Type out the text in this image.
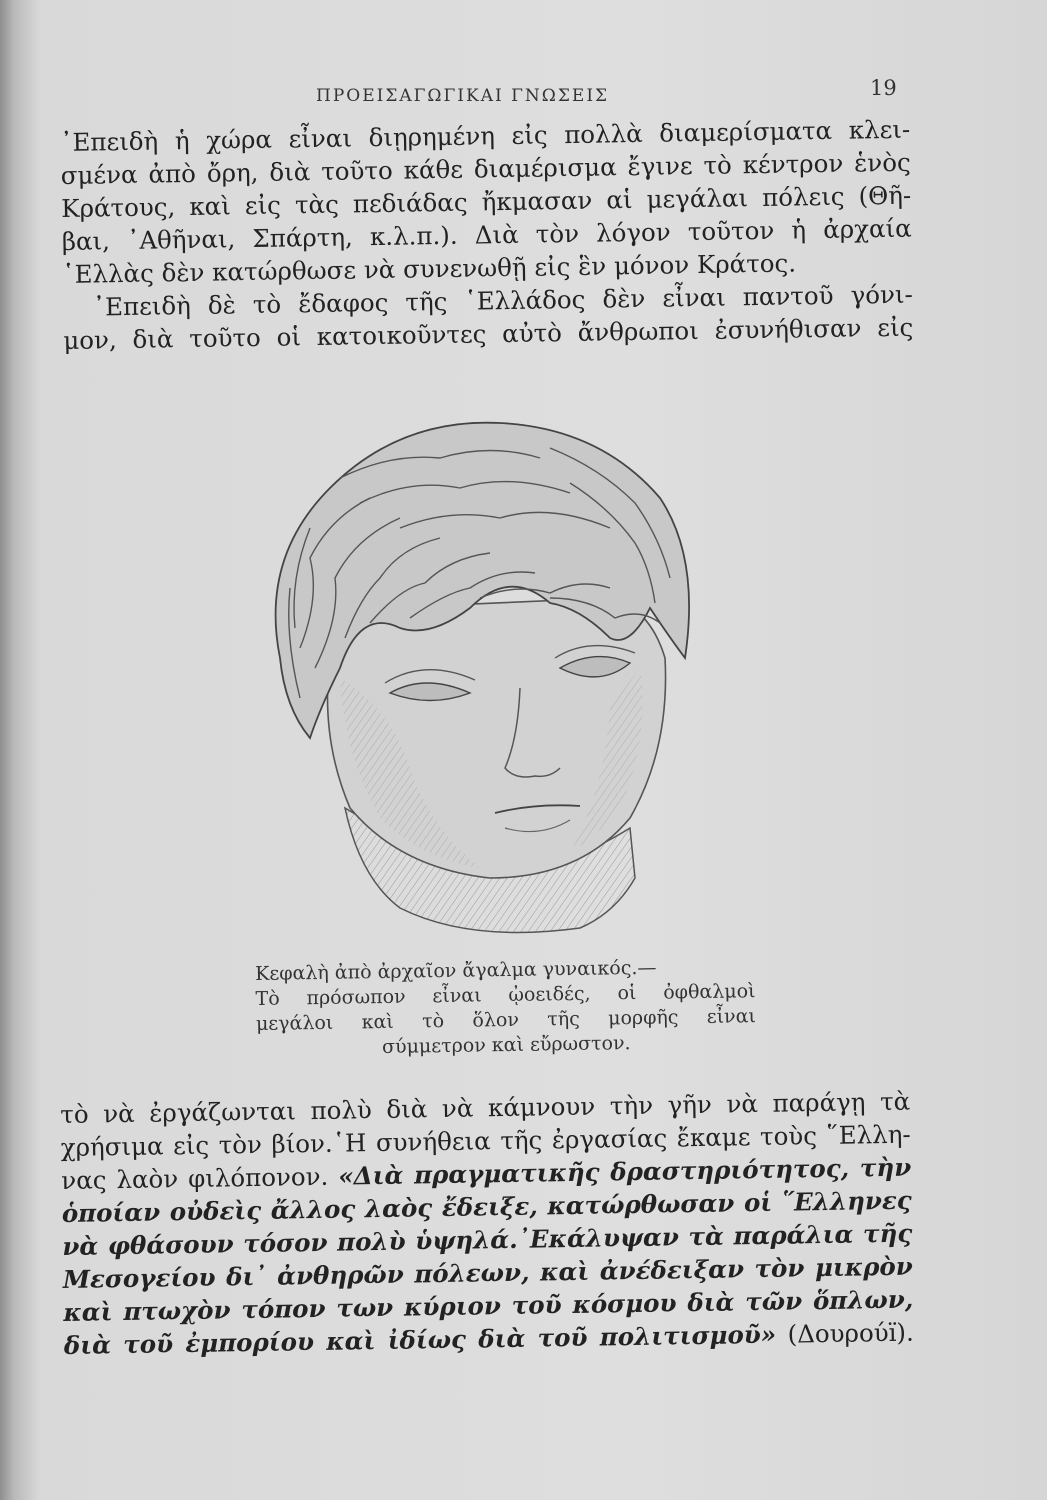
ΠΡΟΕΙΣΑΓΩΓΙΚΑΙ ΓΝΩΣΕΙΣ	19
᾿Επειδὴ ἡ χώρα εἶναι διῃρημένη εἰς πολλὰ διαμερίσματα κλει-
σμένα ἀπὸ ὄρη, διὰ τοῦτο κάθε διαμέρισμα ἔγινε τὸ κέντρον ἑνὸς
Κράτους, καὶ εἰς τὰς πεδιάδας ἤκμασαν αἱ μεγάλαι πόλεις (Θῆ-
βαι, ᾿Αθῆναι, Σπάρτη, κ.λ.π.). Διὰ τὸν λόγον τοῦτον ἡ ἀρχαία
῾Ελλὰς δὲν κατώρθωσε νὰ συνενωθῇ εἰς ἓν μόνον Κράτος.
᾿Επειδὴ δὲ τὸ ἔδαφος τῆς ῾Ελλάδος δὲν εἶναι παντοῦ γόνι-
μον, διὰ τοῦτο οἱ κατοικοῦντες αὐτὸ ἄνθρωποι ἐσυνήθισαν εἰς
Κεφαλὴ ἀπὸ ἀρχαῖον ἄγαλμα γυναικός.—
Τὸ πρόσωπον εἶναι ᾠοειδές, οἱ ὀφθαλμοὶ
μεγάλοι καὶ τὸ ὅλον τῆς μορφῆς εἶναι
σύμμετρον καὶ εὔρωστον.
τὸ νὰ ἐργάζωνται πολὺ διὰ νὰ κάμνουν τὴν γῆν νὰ παράγῃ τὰ
χρήσιμα εἰς τὸν βίον.῾Η συνήθεια τῆς ἐργασίας ἔκαμε τοὺς ῞Ελλη-
νας λαὸν φιλόπονον. «Διὰ πραγματικῆς δραστηριότητος, τὴν
ὁποίαν οὐδεὶς ἄλλος λαὸς ἔδειξε, κατώρθωσαν οἱ ῞Ελληνες
νὰ φθάσουν τόσον πολὺ ὑψηλά.᾿Εκάλυψαν τὰ παράλια τῆς
Μεσογείου δι᾿ ἀνθηρῶν πόλεων, καὶ ἀνέδειξαν τὸν μικρὸν
καὶ πτωχὸν τόπον των κύριον τοῦ κόσμου διὰ τῶν ὅπλων,
διὰ τοῦ ἐμπορίου καὶ ἰδίως διὰ τοῦ πολιτισμοῦ» (Δουρούї).
